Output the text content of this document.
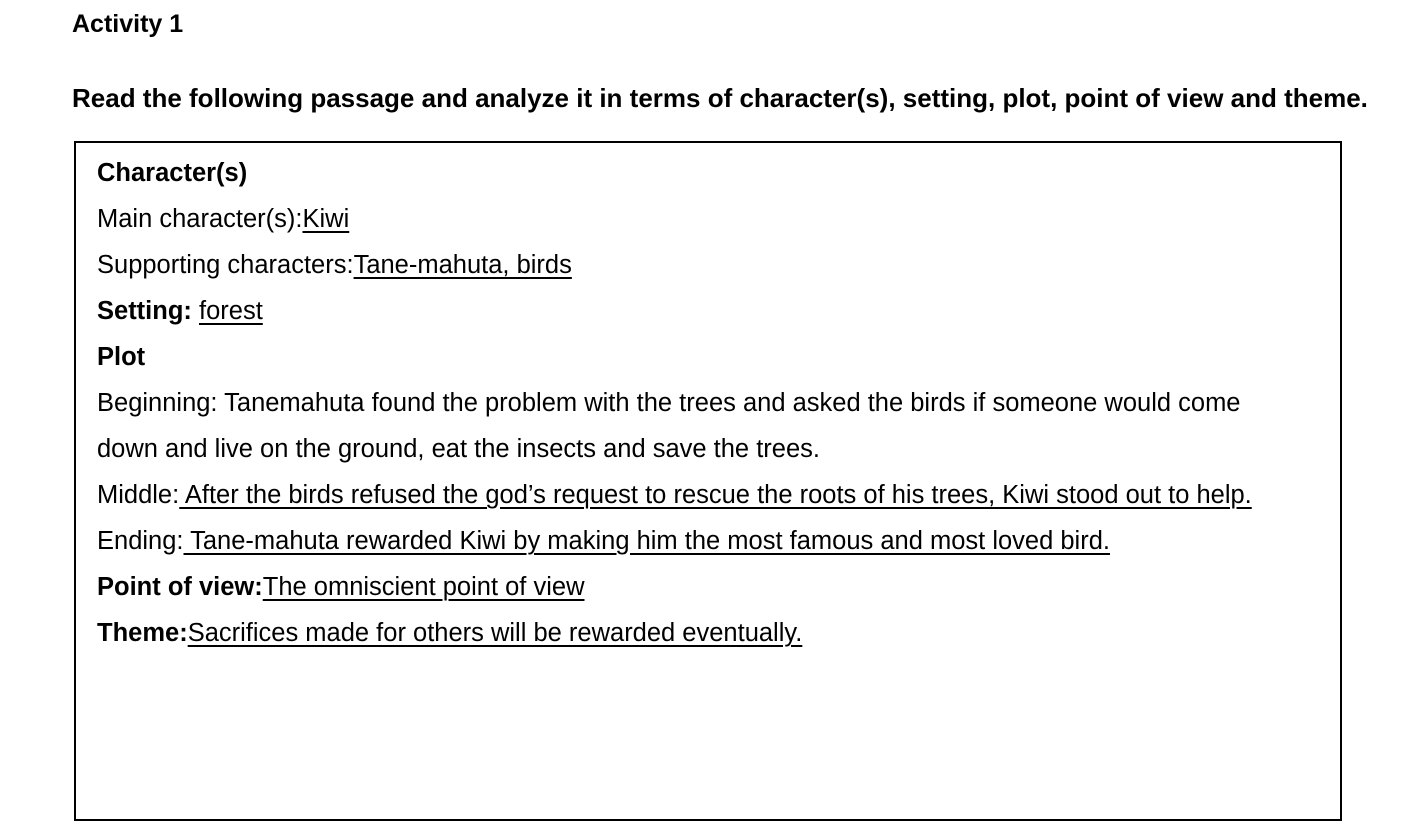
Activity 1
Read the following passage and analyze it in terms of character(s), setting, plot, point of view and theme.
Character(s)
Main character(s):Kiwi
Supporting characters:Tane-mahuta, birds
Setting: forest
Plot
Beginning: Tanemahuta found the problem with the trees and asked the birds if someone would come down and live on the ground, eat the insects and save the trees.
Middle: After the birds refused the god’s request to rescue the roots of his trees, Kiwi stood out to help.
Ending: Tane-mahuta rewarded Kiwi by making him the most famous and most loved bird.
Point of view:The omniscient point of view
Theme:Sacrifices made for others will be rewarded eventually.
